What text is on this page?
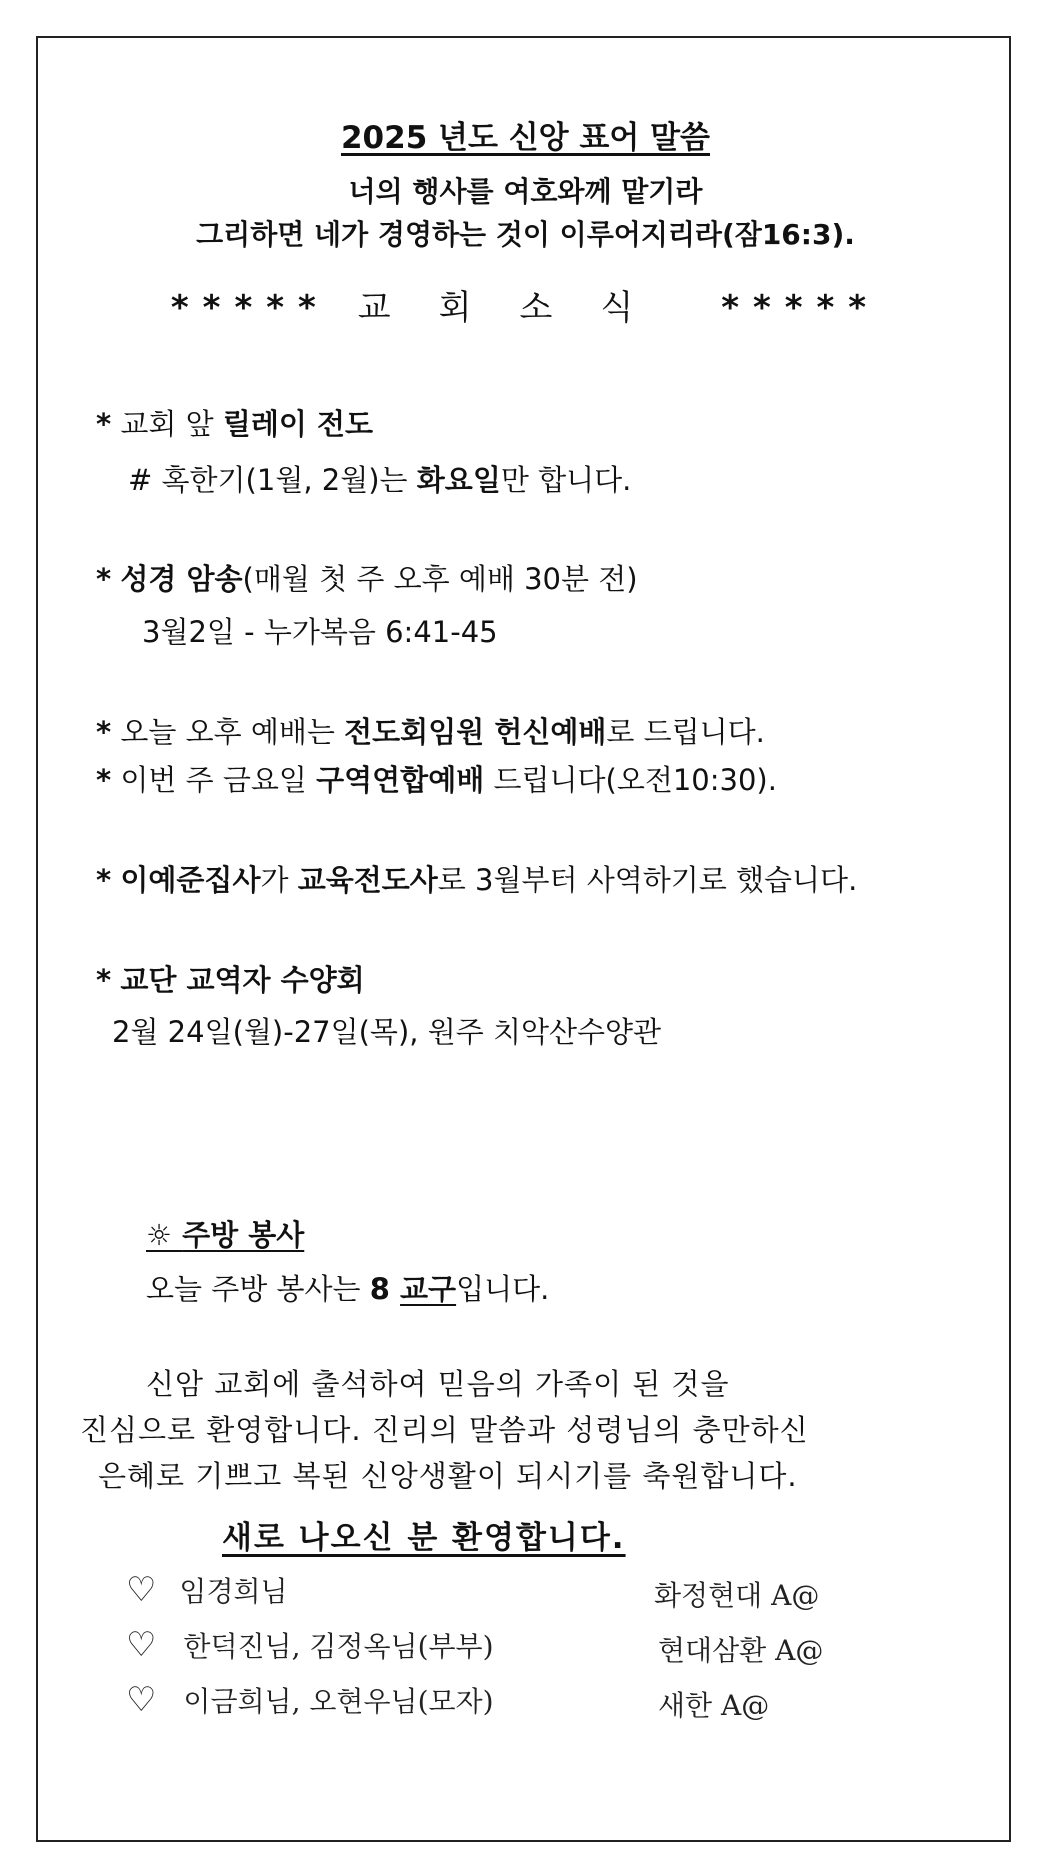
2025 년도 신앙 표어 말씀
너의 행사를 여호와께 맡기라
그리하면 네가 경영하는 것이 이루어지리라(잠16:3).
***** 교회소식 *****
* 교회 앞 릴레이 전도
# 혹한기(1월, 2월)는 화요일만 합니다.
* 성경 암송(매월 첫 주 오후 예배 30분 전)
3월2일 - 누가복음 6:41-45
* 오늘 오후 예배는 전도회임원 헌신예배로 드립니다.
* 이번 주 금요일 구역연합예배 드립니다(오전10:30).
* 이예준집사가 교육전도사로 3월부터 사역하기로 했습니다.
* 교단 교역자 수양회
2월 24일(월)-27일(목), 원주 치악산수양관
☼ 주방 봉사
오늘 주방 봉사는 8 교구입니다.
신암 교회에 출석하여 믿음의 가족이 된 것을
진심으로 환영합니다. 진리의 말씀과 성령님의 충만하신
은혜로 기쁘고 복된 신앙생활이 되시기를 축원합니다.
새로 나오신 분 환영합니다.
♡ 임경희님	화정현대 A@
♡ 한덕진님, 김정옥님(부부)	현대삼환 A@
♡ 이금희님, 오현우님(모자)	새한 A@
